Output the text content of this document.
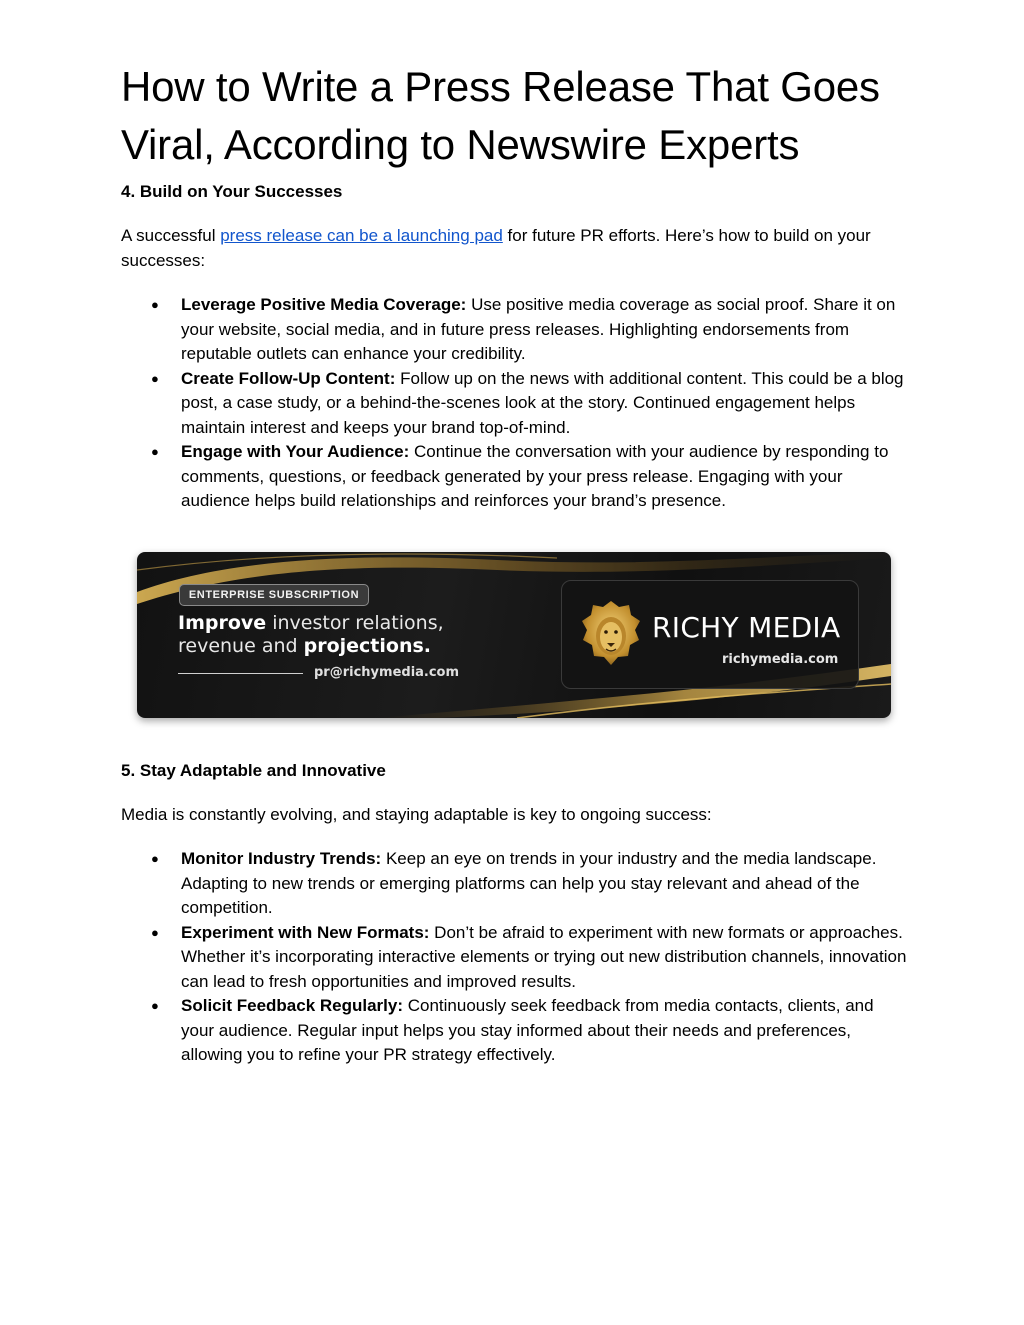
How to Write a Press Release That Goes Viral, According to Newswire Experts
4. Build on Your Successes

A successful press release can be a launching pad for future PR efforts. Here’s how to build on your successes:

● Leverage Positive Media Coverage: Use positive media coverage as social proof. Share it on your website, social media, and in future press releases. Highlighting endorsements from reputable outlets can enhance your credibility.
● Create Follow-Up Content: Follow up on the news with additional content. This could be a blog post, a case study, or a behind-the-scenes look at the story. Continued engagement helps maintain interest and keeps your brand top-of-mind.
● Engage with Your Audience: Continue the conversation with your audience by responding to comments, questions, or feedback generated by your press release. Engaging with your audience helps build relationships and reinforces your brand’s presence.
ENTERPRISE SUBSCRIPTION
Improve investor relations,
revenue and projections.
pr@richymedia.com
RICHY MEDIA
richymedia.com
5. Stay Adaptable and Innovative

Media is constantly evolving, and staying adaptable is key to ongoing success:

● Monitor Industry Trends: Keep an eye on trends in your industry and the media landscape. Adapting to new trends or emerging platforms can help you stay relevant and ahead of the competition.
● Experiment with New Formats: Don’t be afraid to experiment with new formats or approaches. Whether it’s incorporating interactive elements or trying out new distribution channels, innovation can lead to fresh opportunities and improved results.
● Solicit Feedback Regularly: Continuously seek feedback from media contacts, clients, and your audience. Regular input helps you stay informed about their needs and preferences, allowing you to refine your PR strategy effectively.
